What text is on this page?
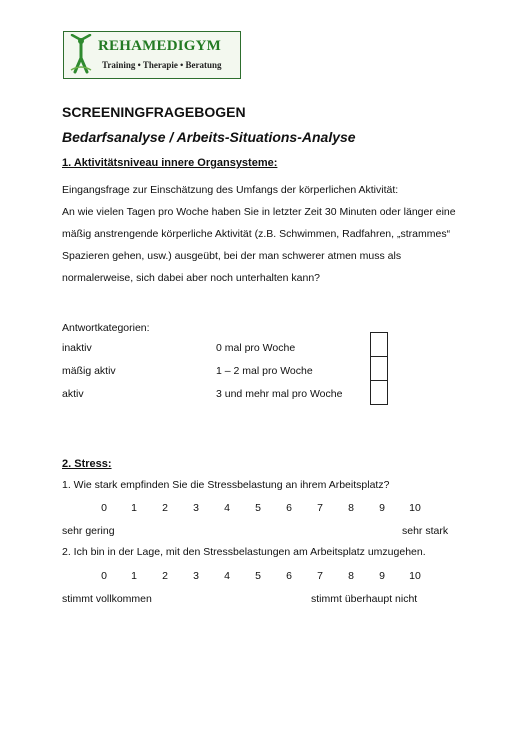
REHAMEDIGYM
Training • Therapie • Beratung
SCREENINGFRAGEBOGEN
Bedarfsanalyse / Arbeits-Situations-Analyse
1. Aktivitätsniveau innere Organsysteme:
Eingangsfrage zur Einschätzung des Umfangs der körperlichen Aktivität:
An wie vielen Tagen pro Woche haben Sie in letzter Zeit 30 Minuten oder länger eine
mäßig anstrengende körperliche Aktivität (z.B. Schwimmen, Radfahren, „strammes“
Spazieren gehen, usw.) ausgeübt, bei der man schwerer atmen muss als
normalerweise, sich dabei aber noch unterhalten kann?
Antwortkategorien:
inaktiv	0 mal pro Woche
mäßig aktiv	1 – 2 mal pro Woche
aktiv	3 und mehr mal pro Woche
2. Stress:
1. Wie stark empfinden Sie die Stressbelastung an ihrem Arbeitsplatz?
0 1 2 3 4 5 6 7 8 9 10
sehr gering	sehr stark
2. Ich bin in der Lage, mit den Stressbelastungen am Arbeitsplatz umzugehen.
0 1 2 3 4 5 6 7 8 9 10
stimmt vollkommen	stimmt überhaupt nicht
